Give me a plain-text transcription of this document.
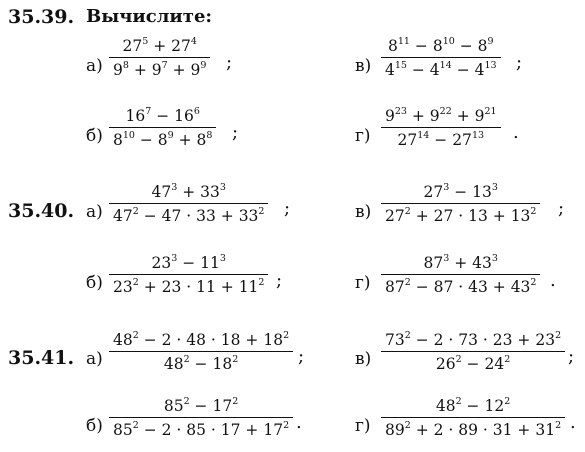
35.39. Вычислите:
а)
$27^5 + 27^4$
$9^8 + 9^7 + 9^9$ ;	в)
$8^{11} - 8^{10} - 8^9$
$4^{15} - 4^{14} - 4^{13}$ ;
б)
$16^7 - 16^6$
$8^{10} - 8^9 + 8^8$ ;	г)
$9^{23} + 9^{22} + 9^{21}$
$27^{14} - 27^{13}$ .
35.40. а)
$47^3 + 33^3$
$47^2 - 47 \cdot 33 + 33^2$ ;	в)
$27^3 - 13^3$
$27^2 + 27 \cdot 13 + 13^2$ ;
б)
$23^3 - 11^3$
$23^2 + 23 \cdot 11 + 11^2$ ;	г)
$87^3 + 43^3$
$87^2 - 87 \cdot 43 + 43^2$ .
35.41. а)
$48^2 - 2 \cdot 48 \cdot 18 + 18^2$
$48^2 - 18^2$	;	в)
$73^2 - 2 \cdot 73 \cdot 23 + 23^2$
$26^2 - 24^2$	;
б)
$85^2 - 17^2$
$85^2 - 2 \cdot 85 \cdot 17 + 17^2$ .	г)
$48^2 - 12^2$
$89^2 + 2 \cdot 89 \cdot 31 + 31^2$ .
